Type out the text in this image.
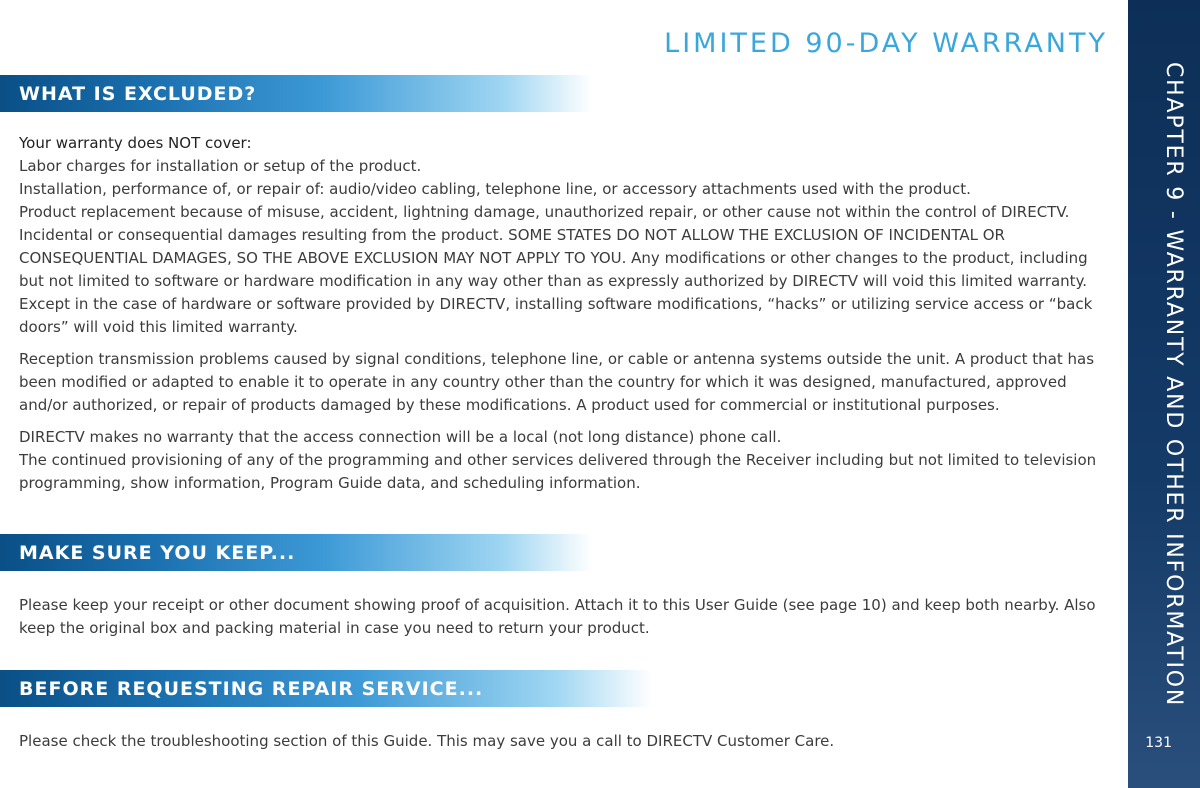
LIMITED 90-DAY WARRANTY
WHAT IS EXCLUDED?

Your warranty does NOT cover:

Labor charges for installation or setup of the product.

Installation, performance of, or repair of: audio/video cabling, telephone line, or accessory attachments used with the product.

Product replacement because of misuse, accident, lightning damage, unauthorized repair, or other cause not within the control of DIRECTV. Incidental or consequential damages resulting from the product. SOME STATES DO NOT ALLOW THE EXCLUSION OF INCIDENTAL OR CONSEQUENTIAL DAMAGES, SO THE ABOVE EXCLUSION MAY NOT APPLY TO YOU. Any modifications or other changes to the product, including but not limited to software or hardware modification in any way other than as expressly authorized by DIRECTV will void this limited warranty. Except in the case of hardware or software provided by DIRECTV, installing software modifications, “hacks” or utilizing service access or “back doors” will void this limited warranty.

Reception transmission problems caused by signal conditions, telephone line, or cable or antenna systems outside the unit. A product that has been modified or adapted to enable it to operate in any country other than the country for which it was designed, manufactured, approved and/or authorized, or repair of products damaged by these modifications. A product used for commercial or institutional purposes.

DIRECTV makes no warranty that the access connection will be a local (not long distance) phone call.

The continued provisioning of any of the programming and other services delivered through the Receiver including but not limited to television programming, show information, Program Guide data, and scheduling information.

MAKE SURE YOU KEEP...

Please keep your receipt or other document showing proof of acquisition. Attach it to this User Guide (see page 10) and keep both nearby. Also keep the original box and packing material in case you need to return your product.

BEFORE REQUESTING REPAIR SERVICE...

Please check the troubleshooting section of this Guide. This may save you a call to DIRECTV Customer Care.

CHAPTER 9 - WARRANTY AND OTHER INFORMATION
131
